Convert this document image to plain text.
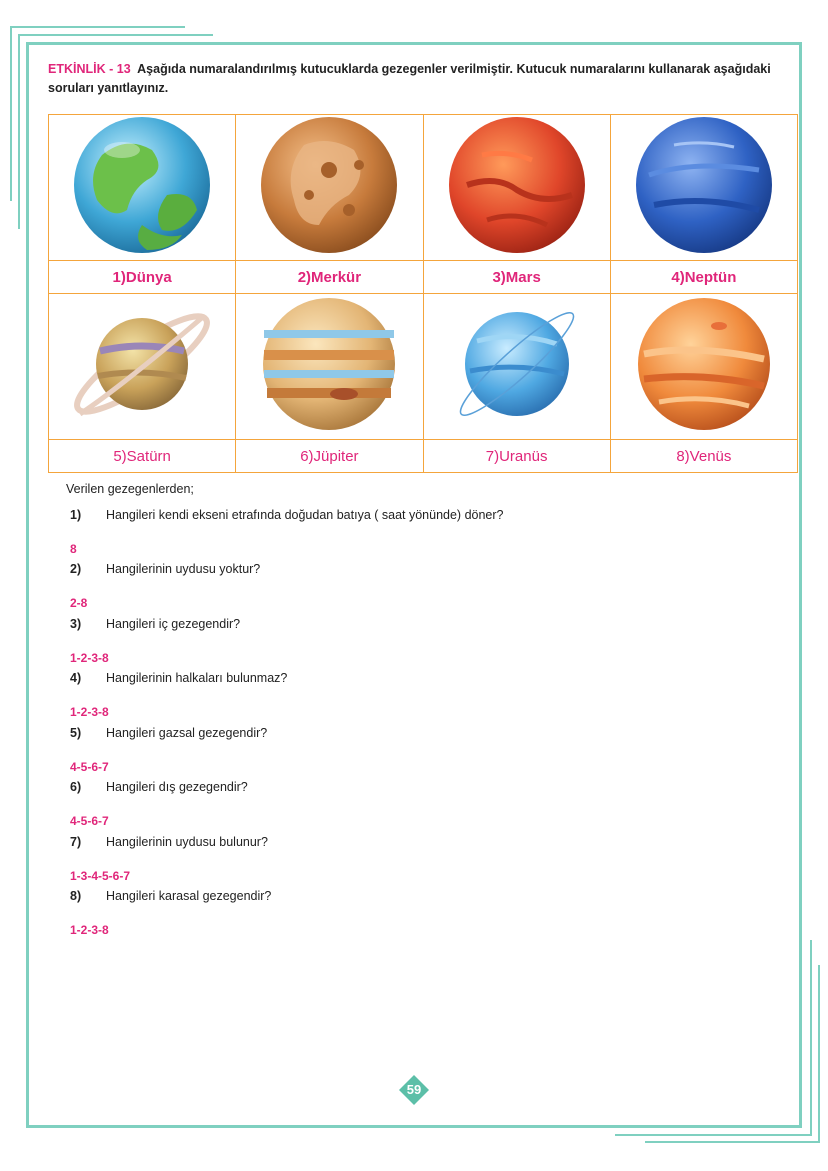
ETKİNLİK - 13 Aşağıda numaralandırılmış kutucuklarda gezegenler verilmiştir. Kutucuk numaralarını kullanarak aşağıdaki soruları yanıtlayınız.

1)Dünya	2)Merkür	3)Mars	4)Neptün

5)Satürn	6)Jüpiter	7)Uranüs	8)Venüs
Verilen gezegenlerden;
1) Hangileri kendi ekseni etrafında doğudan batıya ( saat yönünde) döner?
8
2) Hangilerinin uydusu yoktur?
2-8
3) Hangileri iç gezegendir?
1-2-3-8
4) Hangilerinin halkaları bulunmaz?
1-2-3-8
5) Hangileri gazsal gezegendir?
4-5-6-7
6) Hangileri dış gezegendir?
4-5-6-7
7) Hangilerinin uydusu bulunur?
1-3-4-5-6-7
8) Hangileri karasal gezegendir?
1-2-3-8
59
